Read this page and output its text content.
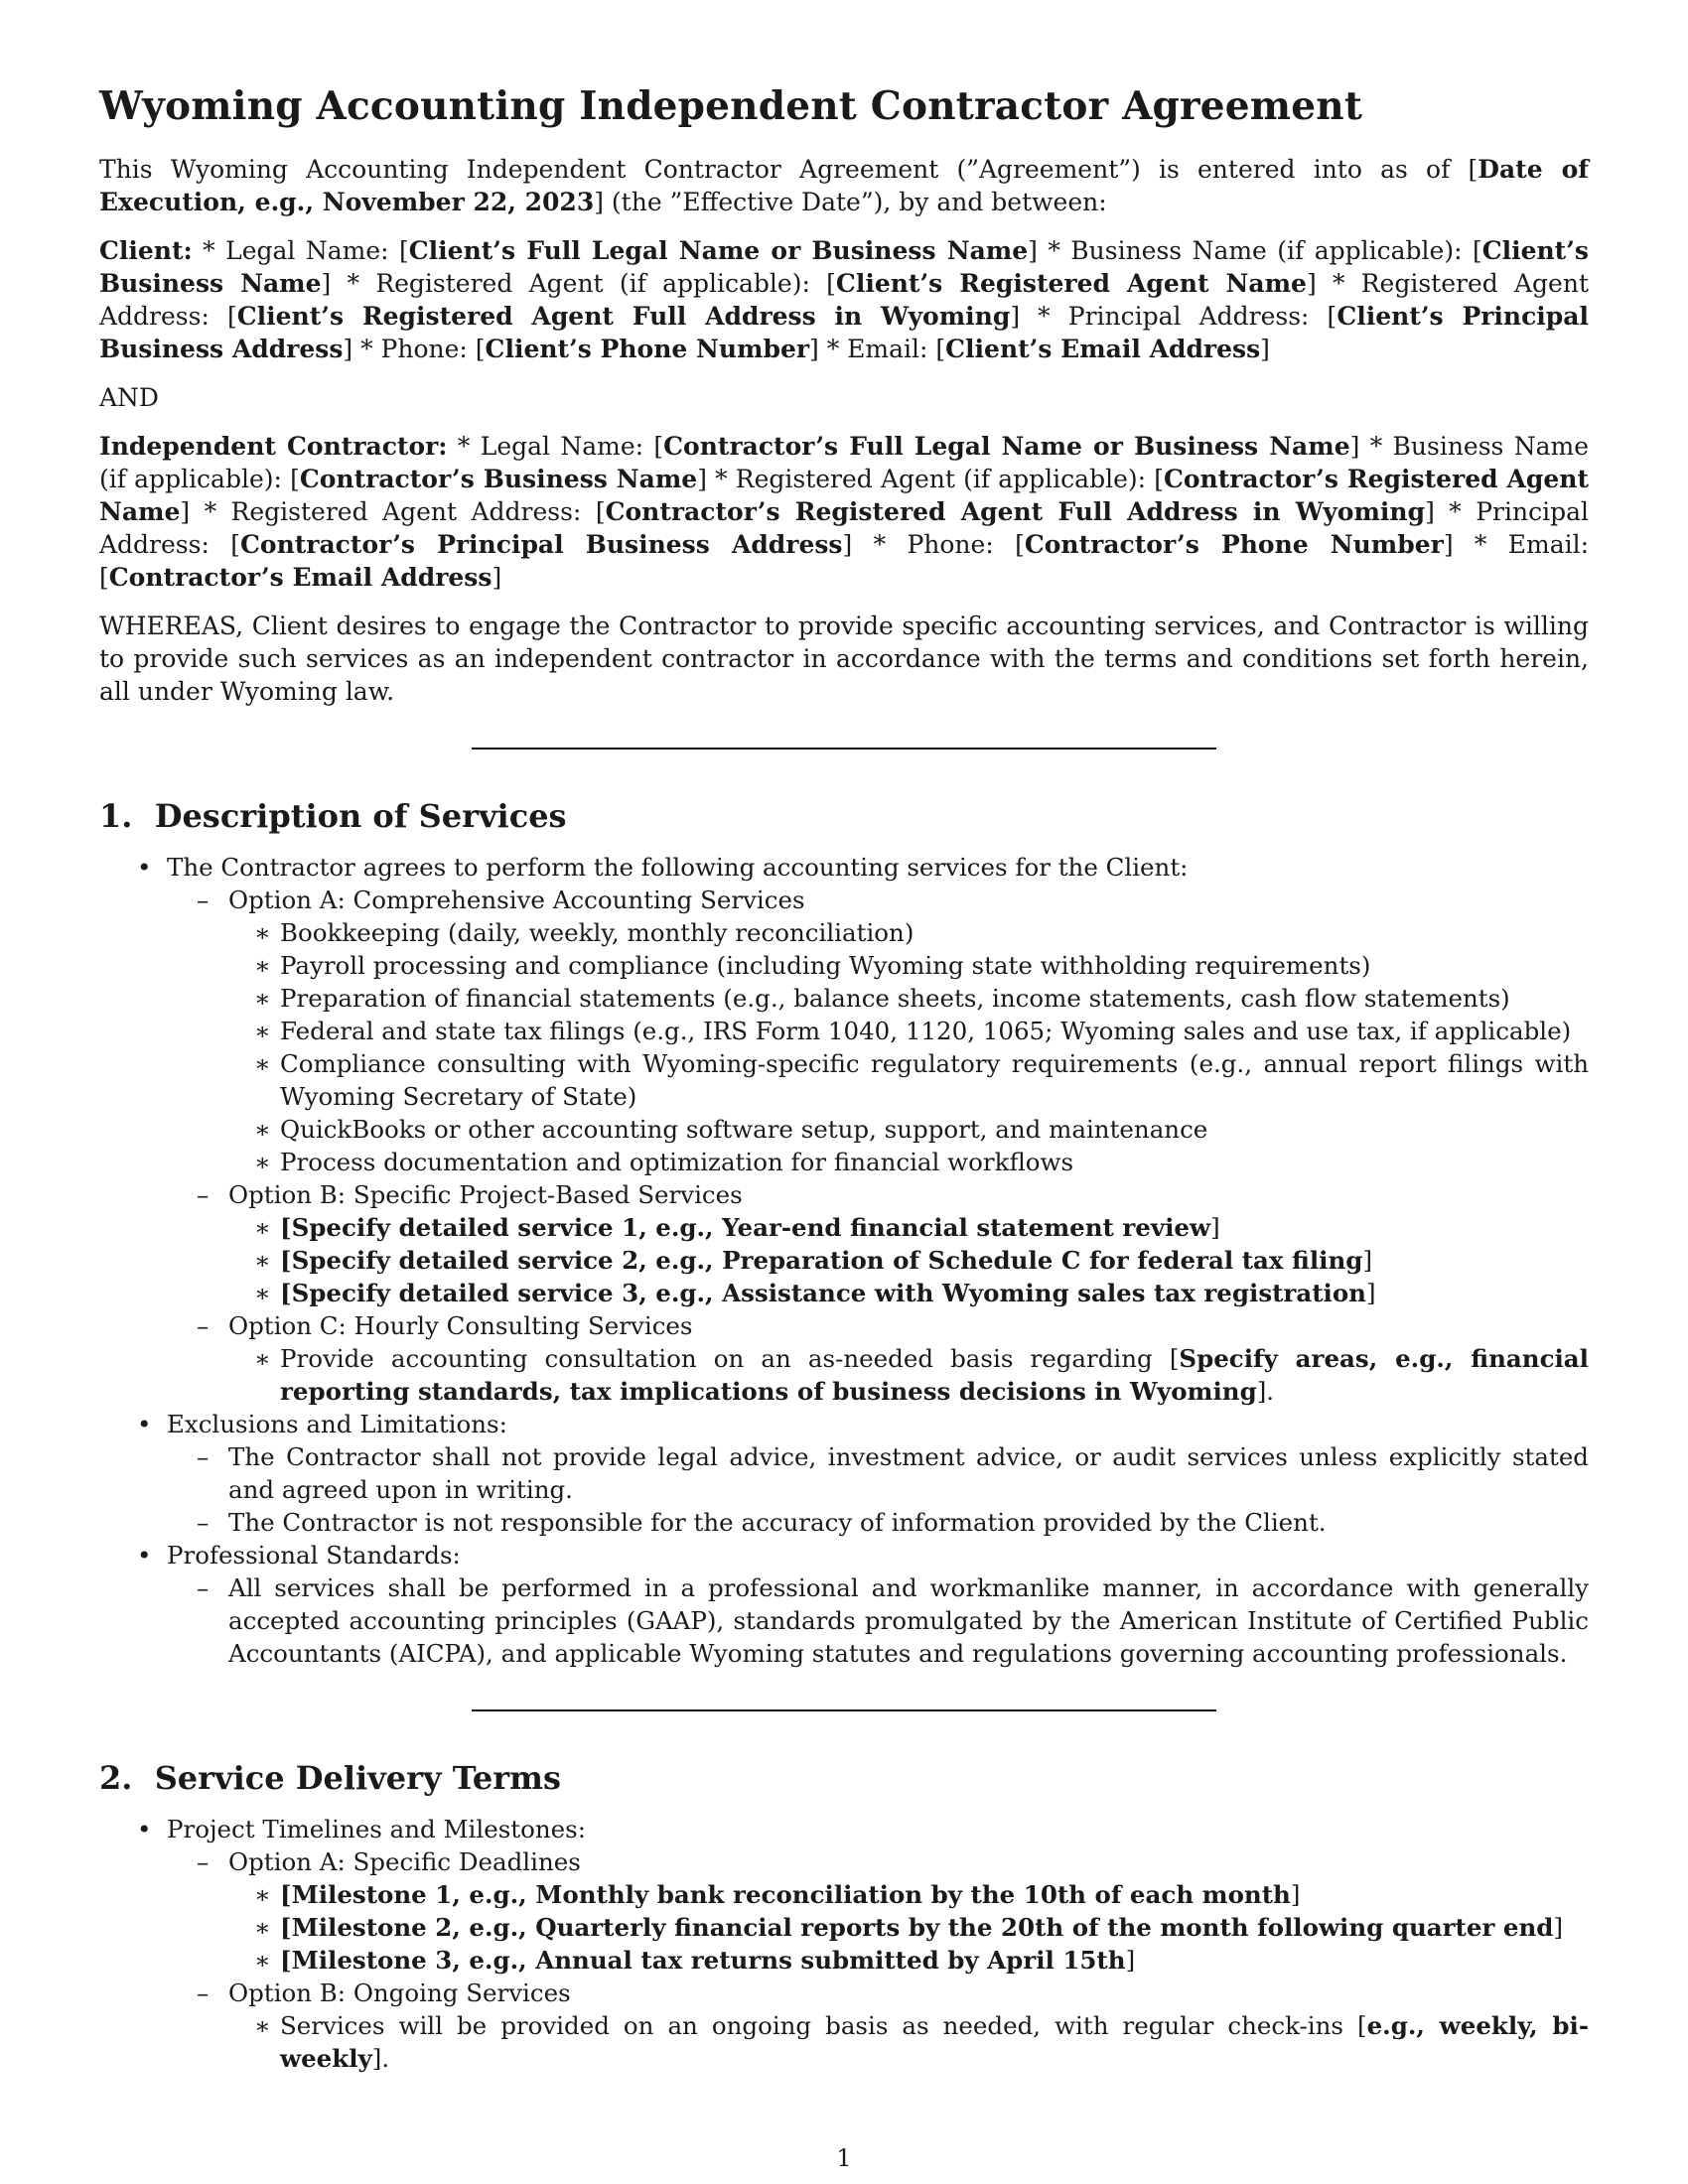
Wyoming Accounting Independent Contractor Agreement

This Wyoming Accounting Independent Contractor Agreement (”Agreement”) is entered into as of [Date of Execution, e.g., November 22, 2023] (the ”Effective Date”), by and between:

Client: * Legal Name: [Client’s Full Legal Name or Business Name] * Business Name (if applicable): [Client’s Business Name] * Registered Agent (if applicable): [Client’s Registered Agent Name] * Registered Agent Address: [Client’s Registered Agent Full Address in Wyoming] * Principal Address: [Client’s Principal Business Address] * Phone: [Client’s Phone Number] * Email: [Client’s Email Address]

AND

Independent Contractor: * Legal Name: [Contractor’s Full Legal Name or Business Name] * Business Name (if applicable): [Contractor’s Business Name] * Registered Agent (if applicable): [Contractor’s Registered Agent Name] * Registered Agent Address: [Contractor’s Registered Agent Full Address in Wyoming] * Principal Address: [Contractor’s Principal Business Address] * Phone: [Contractor’s Phone Number] * Email: [Contractor’s Email Address]

WHEREAS, Client desires to engage the Contractor to provide specific accounting services, and Contractor is willing to provide such services as an independent contractor in accordance with the terms and conditions set forth herein, all under Wyoming law.

1.  Description of Services
• The Contractor agrees to perform the following accounting services for the Client:
– Option A: Comprehensive Accounting Services
∗ Bookkeeping (daily, weekly, monthly reconciliation)
∗ Payroll processing and compliance (including Wyoming state withholding requirements)
∗ Preparation of financial statements (e.g., balance sheets, income statements, cash flow statements)
∗ Federal and state tax filings (e.g., IRS Form 1040, 1120, 1065; Wyoming sales and use tax, if applicable)
∗ Compliance consulting with Wyoming-specific regulatory requirements (e.g., annual report filings with Wyoming Secretary of State)
∗ QuickBooks or other accounting software setup, support, and maintenance
∗ Process documentation and optimization for financial workflows
– Option B: Specific Project-Based Services
∗ [Specify detailed service 1, e.g., Year-end financial statement review]
∗ [Specify detailed service 2, e.g., Preparation of Schedule C for federal tax filing]
∗ [Specify detailed service 3, e.g., Assistance with Wyoming sales tax registration]
– Option C: Hourly Consulting Services
∗ Provide accounting consultation on an as-needed basis regarding [Specify areas, e.g., financial reporting standards, tax implications of business decisions in Wyoming].
• Exclusions and Limitations:
– The Contractor shall not provide legal advice, investment advice, or audit services unless explicitly stated and agreed upon in writing.
– The Contractor is not responsible for the accuracy of information provided by the Client.
• Professional Standards:
– All services shall be performed in a professional and workmanlike manner, in accordance with generally accepted accounting principles (GAAP), standards promulgated by the American Institute of Certified Public Accountants (AICPA), and applicable Wyoming statutes and regulations governing accounting professionals.
2.  Service Delivery Terms
• Project Timelines and Milestones:
– Option A: Specific Deadlines
∗ [Milestone 1, e.g., Monthly bank reconciliation by the 10th of each month]
∗ [Milestone 2, e.g., Quarterly financial reports by the 20th of the month following quarter end]
∗ [Milestone 3, e.g., Annual tax returns submitted by April 15th]
– Option B: Ongoing Services
∗ Services will be provided on an ongoing basis as needed, with regular check-ins [e.g., weekly, bi-weekly].
1
